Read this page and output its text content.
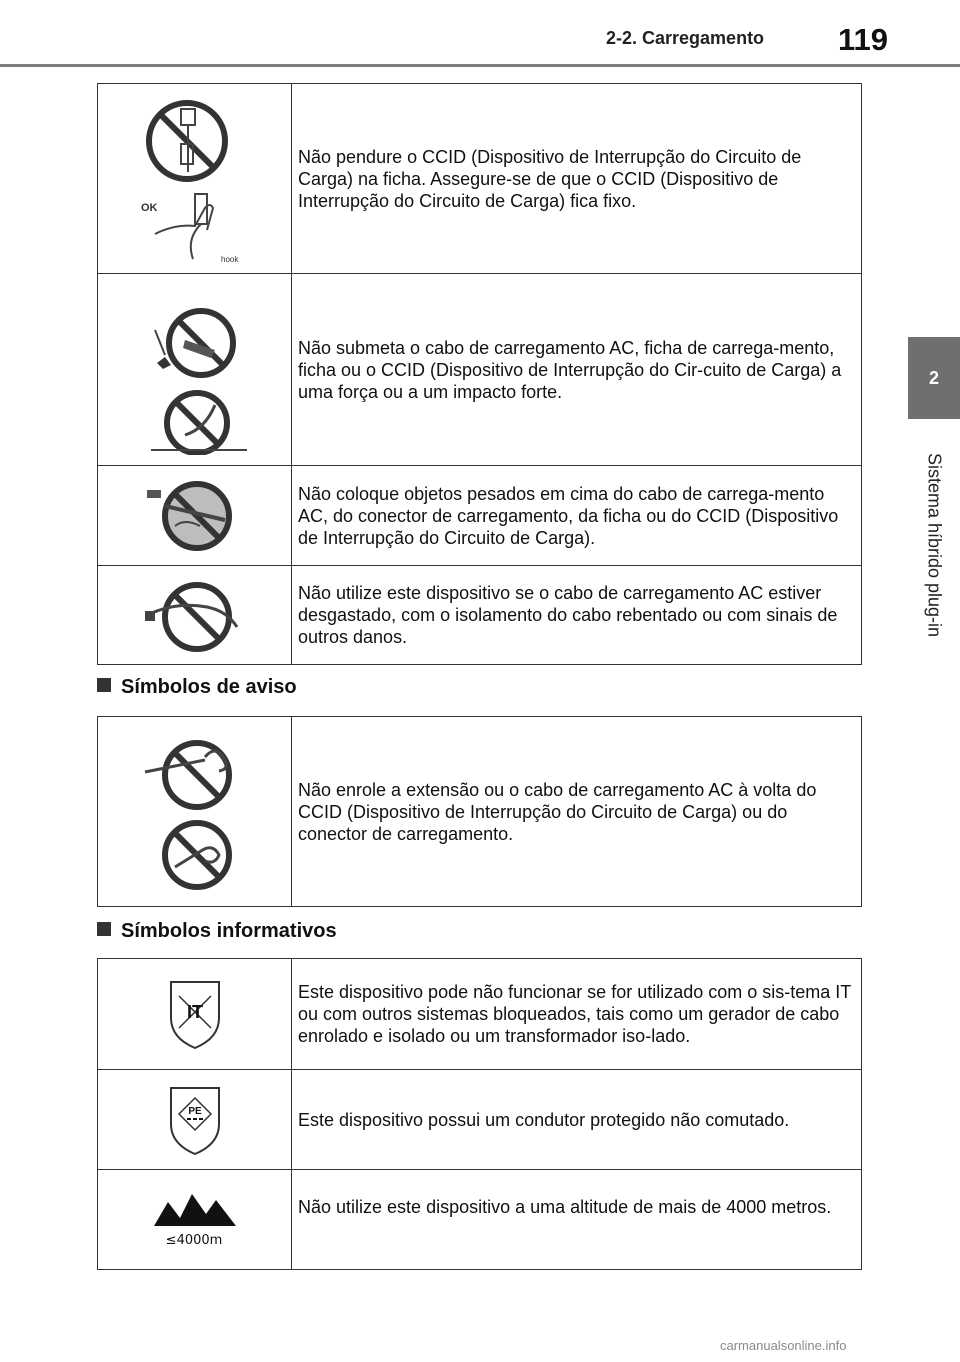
2-2. Carregamento	119
2
Sistema híbrido plug-in
OK
hook	Não pendure o CCID (Dispositivo de Interrupção do Circuito de Carga) na ficha. Assegure-se de que o CCID (Dispositivo de Interrupção do Circuito de Carga) fica fixo.

	Não submeta o cabo de carregamento AC, ficha de carrega-mento, ficha ou o CCID (Dispositivo de Interrupção do Cir-cuito de Carga) a uma força ou a um impacto forte.

	Não coloque objetos pesados em cima do cabo de carrega-mento AC, do conector de carregamento, da ficha ou do CCID (Dispositivo de Interrupção do Circuito de Carga).

	Não utilize este dispositivo se o cabo de carregamento AC estiver desgastado, com o isolamento do cabo rebentado ou com sinais de outros danos.
Símbolos de aviso
	Não enrole a extensão ou o cabo de carregamento AC à volta do CCID (Dispositivo de Interrupção do Circuito de Carga) ou do conector de carregamento.
Símbolos informativos
IT	Este dispositivo pode não funcionar se for utilizado com o sis-tema IT ou com outros sistemas bloqueados, tais como um gerador de cabo enrolado e isolado ou um transformador iso-lado.

PE	Este dispositivo possui um condutor protegido não comutado.

≤4000m	Não utilize este dispositivo a uma altitude de mais de 4000 metros.
carmanualsonline.info
